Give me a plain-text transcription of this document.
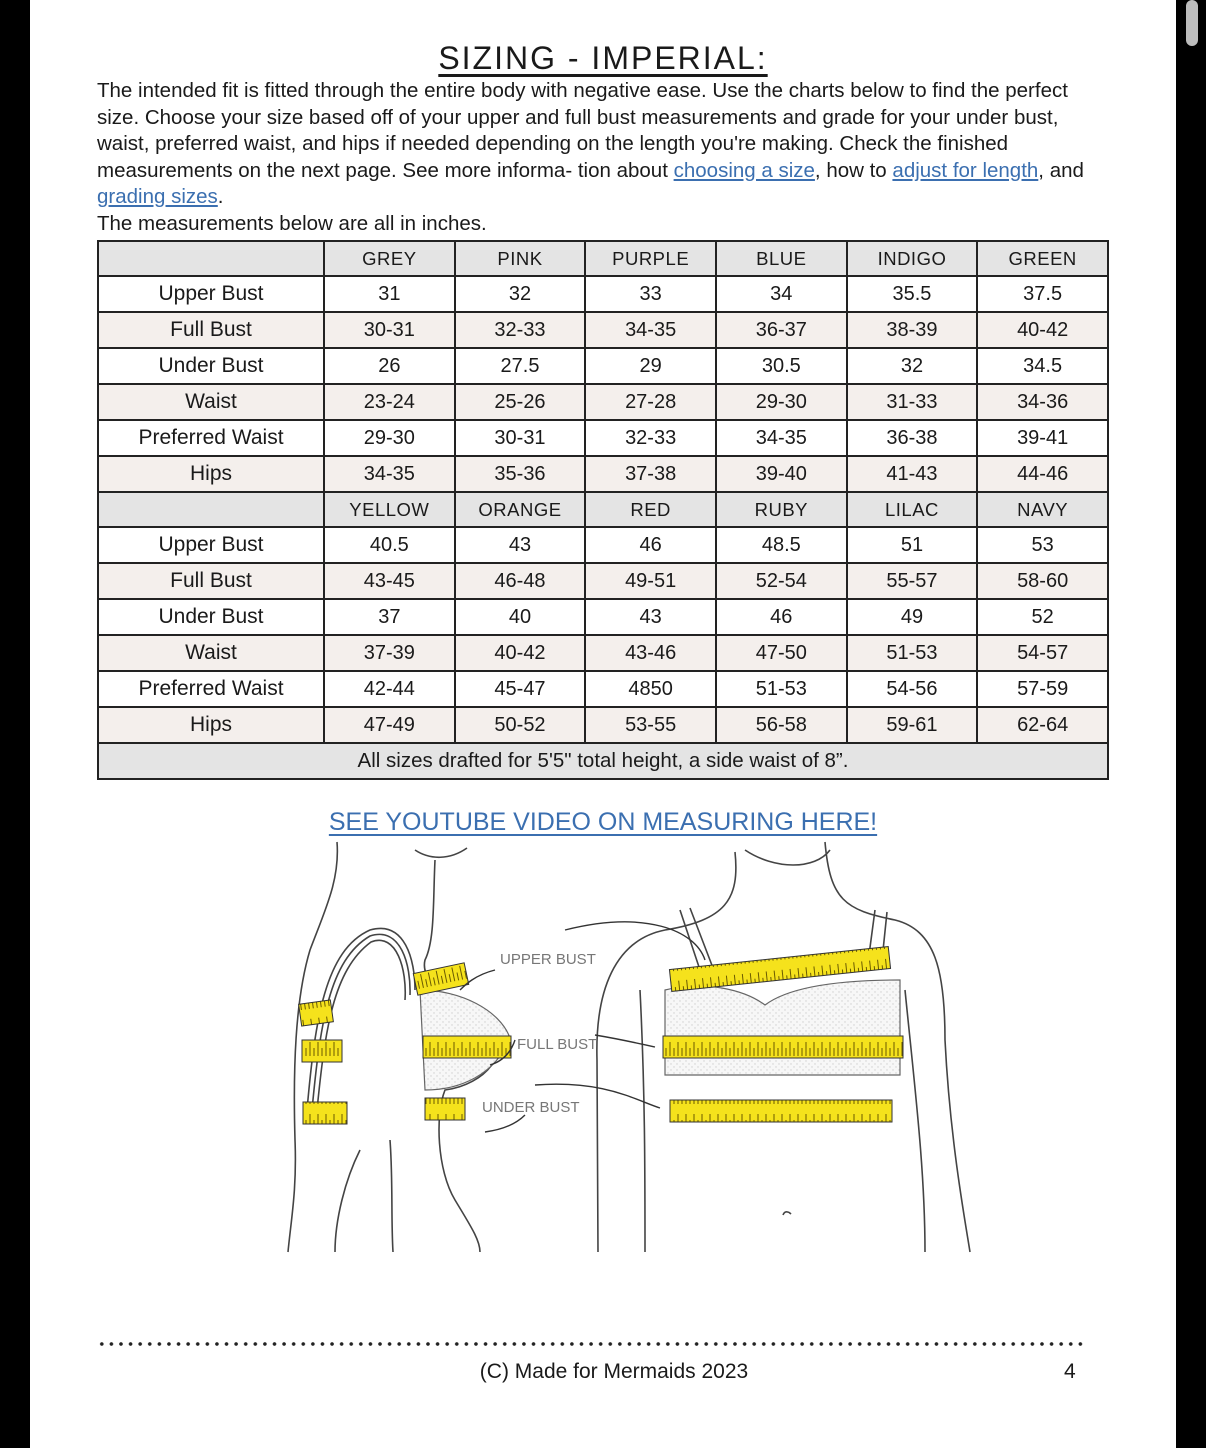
SIZING - IMPERIAL:

The intended fit is fitted through the entire body with negative ease. Use the charts below to find the perfect size. Choose your size based off of your upper and full bust measurements and grade for your under bust, waist, preferred waist, and hips if needed depending on the length you're making. Check the finished measurements on the next page. See more informa- tion about choosing a size, how to adjust for length, and grading sizes.

The measurements below are all in inches.

	GREY	PINK	PURPLE	BLUE	INDIGO	GREEN
Upper Bust	31	32	33	34	35.5	37.5
Full Bust	30-31	32-33	34-35	36-37	38-39	40-42
Under Bust	26	27.5	29	30.5	32	34.5
Waist	23-24	25-26	27-28	29-30	31-33	34-36
Preferred Waist	29-30	30-31	32-33	34-35	36-38	39-41
Hips	34-35	35-36	37-38	39-40	41-43	44-46
	YELLOW	ORANGE	RED	RUBY	LILAC	NAVY
Upper Bust	40.5	43	46	48.5	51	53
Full Bust	43-45	46-48	49-51	52-54	55-57	58-60
Under Bust	37	40	43	46	49	52
Waist	37-39	40-42	43-46	47-50	51-53	54-57
Preferred Waist	42-44	45-47	4850	51-53	54-56	57-59
Hips	47-49	50-52	53-55	56-58	59-61	62-64
All sizes drafted for 5'5" total height, a side waist of 8”.						
SEE YOUTUBE VIDEO ON MEASURING HERE!
UPPER BUST
FULL BUST
UNDER BUST
(C) Made for Mermaids 2023	4
